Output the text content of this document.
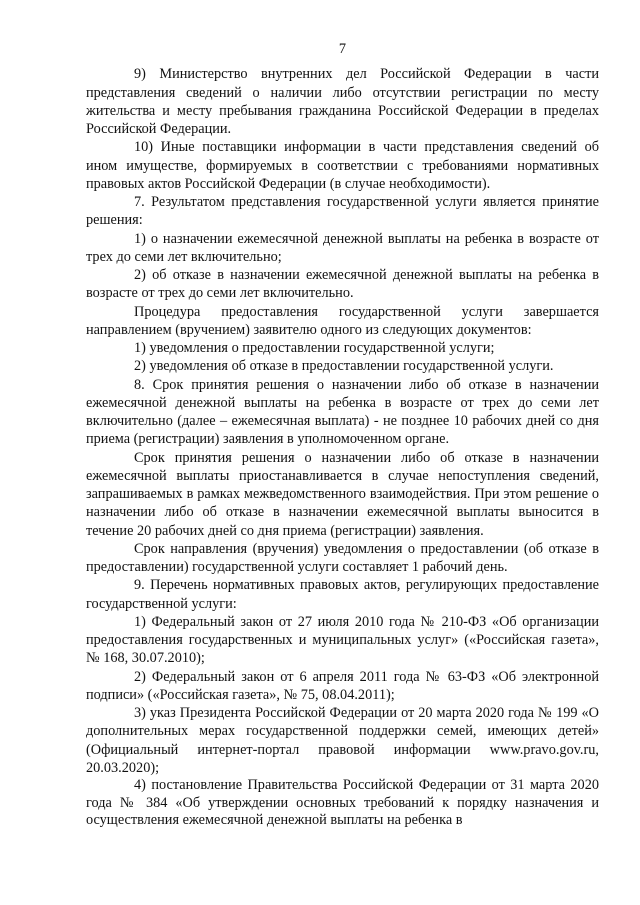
7

9) Министерство внутренних дел Российской Федерации в части представления сведений о наличии либо отсутствии регистрации по месту жительства и месту пребывания гражданина Российской Федерации в пределах Российской Федерации.

10) Иные поставщики информации в части представления сведений об ином имуществе, формируемых в соответствии с требованиями нормативных правовых актов Российской Федерации (в случае необходимости).

7. Результатом представления государственной услуги является принятие решения:

1) о назначении ежемесячной денежной выплаты на ребенка в возрасте от трех до семи лет включительно;

2) об отказе в назначении ежемесячной денежной выплаты на ребенка в возрасте от трех до семи лет включительно.

Процедура предоставления государственной услуги завершается направлением (вручением) заявителю одного из следующих документов:

1) уведомления о предоставлении государственной услуги;

2) уведомления об отказе в предоставлении государственной услуги.

8. Срок принятия решения о назначении либо об отказе в назначении ежемесячной денежной выплаты на ребенка в возрасте от трех до семи лет включительно (далее – ежемесячная выплата) - не позднее 10 рабочих дней со дня приема (регистрации) заявления в уполномоченном органе.

Срок принятия решения о назначении либо об отказе в назначении ежемесячной выплаты приостанавливается в случае непоступления сведений, запрашиваемых в рамках межведомственного взаимодействия. При этом решение о назначении либо об отказе в назначении ежемесячной выплаты выносится в течение 20 рабочих дней со дня приема (регистрации) заявления.

Срок направления (вручения) уведомления о предоставлении (об отказе в предоставлении) государственной услуги составляет 1 рабочий день.

9. Перечень нормативных правовых актов, регулирующих предоставление государственной услуги:

1) Федеральный закон от 27 июля 2010 года № 210-ФЗ «Об организации предоставления государственных и муниципальных услуг» («Российская газета», № 168, 30.07.2010);

2) Федеральный закон от 6 апреля 2011 года № 63-ФЗ «Об электронной подписи» («Российская газета», № 75, 08.04.2011);

3) указ Президента Российской Федерации от 20 марта 2020 года № 199 «О дополнительных мерах государственной поддержки семей, имеющих детей» (Официальный интернет-портал правовой информации www.pravo.gov.ru, 20.03.2020);

4) постановление Правительства Российской Федерации от 31 марта 2020 года № 384 «Об утверждении основных требований к порядку назначения и осуществления ежемесячной денежной выплаты на ребенка в
